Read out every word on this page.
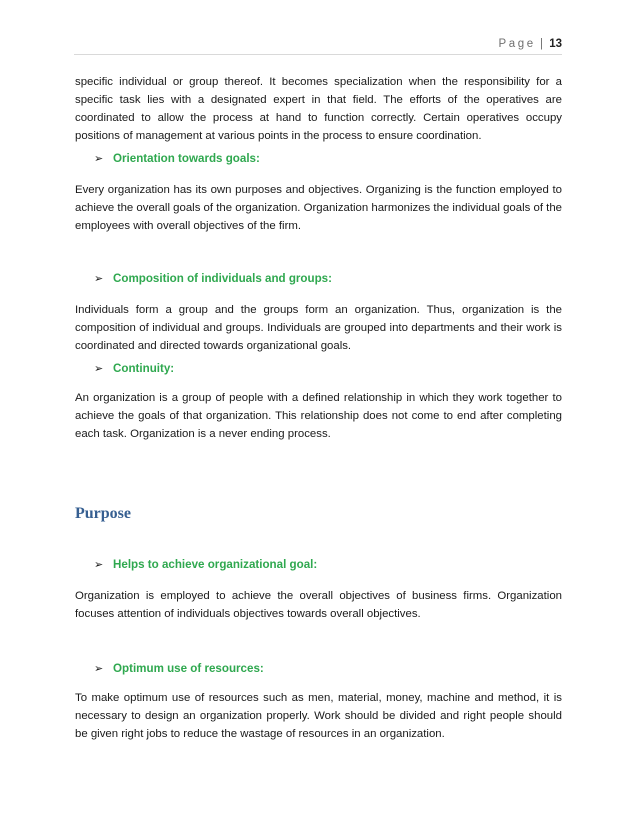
Page | 13

specific individual or group thereof. It becomes specialization when the responsibility for a specific task lies with a designated expert in that field. The efforts of the operatives are coordinated to allow the process at hand to function correctly. Certain operatives occupy positions of management at various points in the process to ensure coordination.

➢ Orientation towards goals:

Every organization has its own purposes and objectives. Organizing is the function employed to achieve the overall goals of the organization. Organization harmonizes the individual goals of the employees with overall objectives of the firm.

➢ Composition of individuals and groups:

Individuals form a group and the groups form an organization. Thus, organization is the composition of individual and groups. Individuals are grouped into departments and their work is coordinated and directed towards organizational goals.

➢ Continuity:

An organization is a group of people with a defined relationship in which they work together to achieve the goals of that organization. This relationship does not come to end after completing each task. Organization is a never ending process.

Purpose

➢ Helps to achieve organizational goal:

Organization is employed to achieve the overall objectives of business firms. Organization focuses attention of individuals objectives towards overall objectives.

➢ Optimum use of resources:

To make optimum use of resources such as men, material, money, machine and method, it is necessary to design an organization properly. Work should be divided and right people should be given right jobs to reduce the wastage of resources in an organization.
